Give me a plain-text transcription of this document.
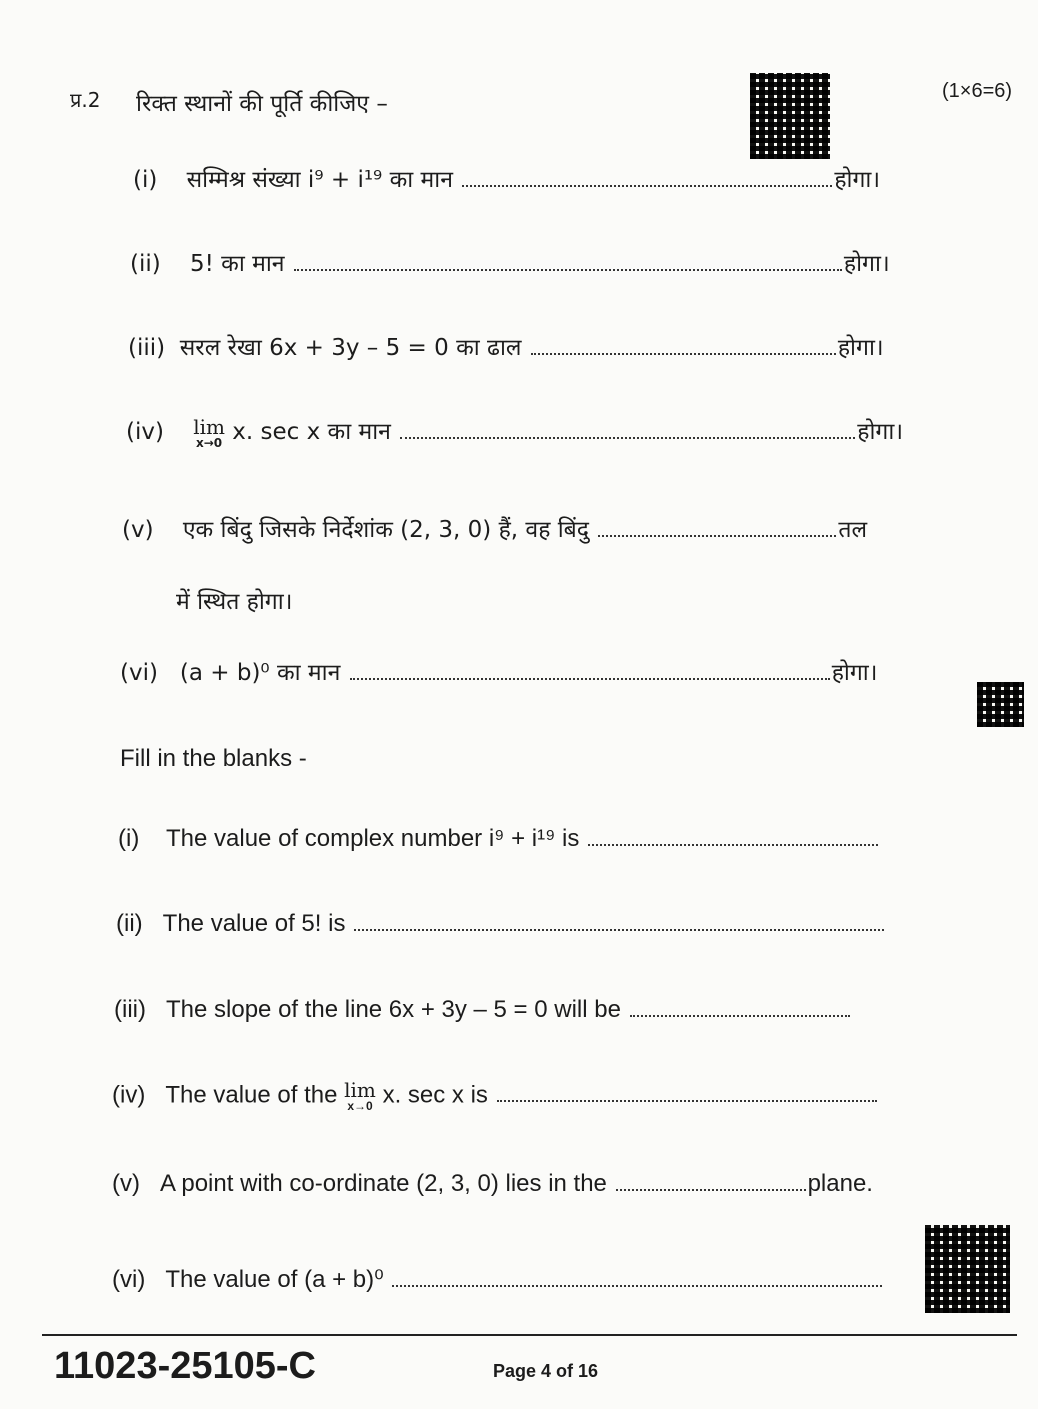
प्र.2 रिक्त स्थानों की पूर्ति कीजिए –	(1×6=6)
(i) सम्मिश्र संख्या i⁹ + i¹⁹ का मान	होगा।
(ii) 5! का मान	होगा।
(iii) सरल रेखा 6x + 3y – 5 = 0 का ढाल	होगा।
(iv) lim
x→0 x. sec x का मान	होगा।
(v) एक बिंदु जिसके निर्देशांक (2, 3, 0) हैं, वह बिंदु	तल
में स्थित होगा।
(vi) (a + b)⁰ का मान	होगा।
Fill in the blanks -
(i) The value of complex number i⁹ + i¹⁹ is
(ii) The value of 5! is
(iii) The slope of the line 6x + 3y – 5 = 0 will be
(iv) The value of the lim
x→0 x. sec x is
(v) A point with co-ordinate (2, 3, 0) lies in the	plane.
(vi) The value of (a + b)⁰
11023-25105-C	Page 4 of 16
